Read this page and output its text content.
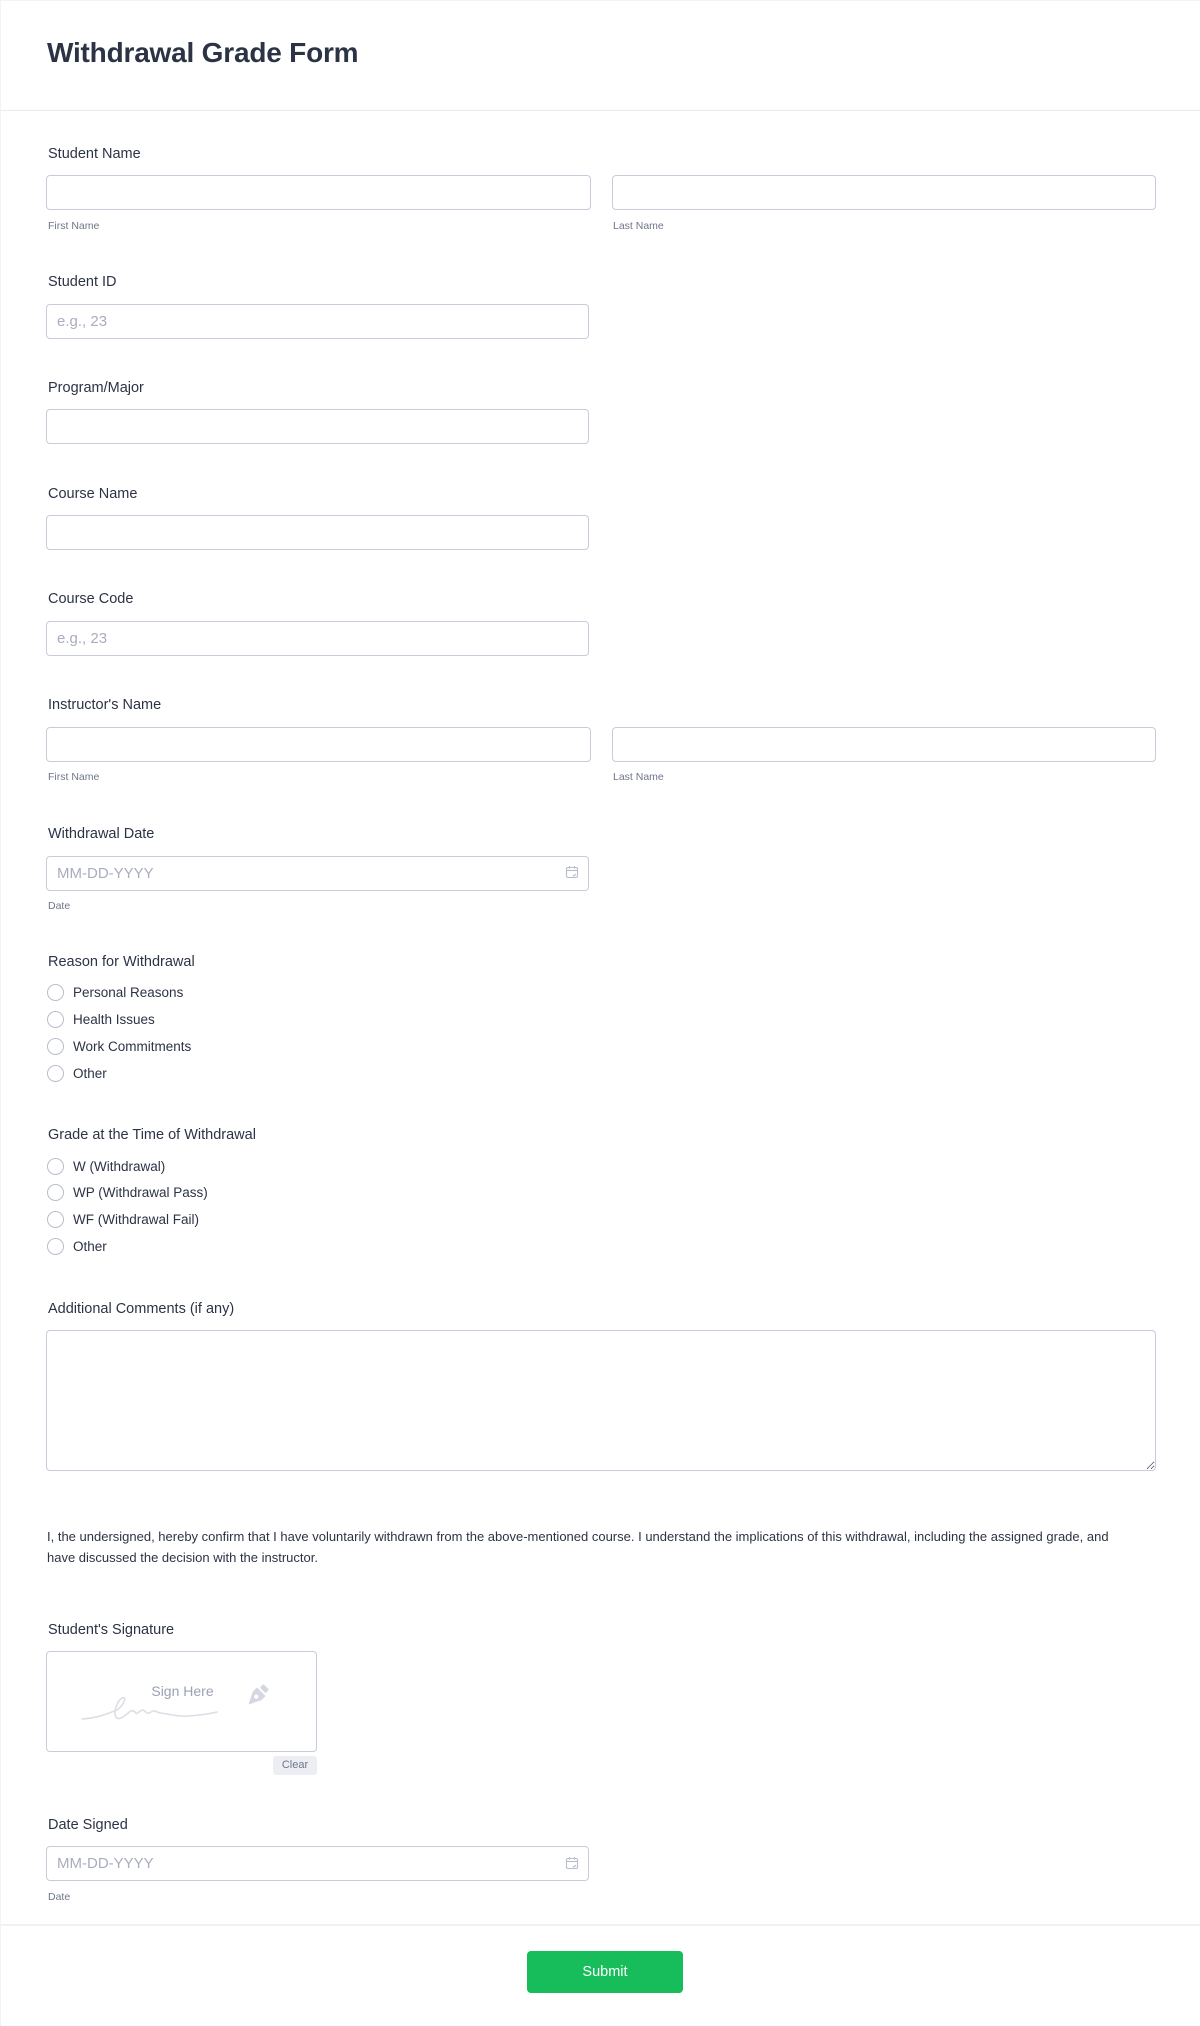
Withdrawal Grade Form
Student Name
First Name	Last Name
Student ID
e.g., 23
Program/Major
Course Name
Course Code
e.g., 23
Instructor's Name
First Name	Last Name
Withdrawal Date
MM-DD-YYYY
Date
Reason for Withdrawal
Personal Reasons
Health Issues
Work Commitments
Other
Grade at the Time of Withdrawal
W (Withdrawal)
WP (Withdrawal Pass)
WF (Withdrawal Fail)
Other
Additional Comments (if any)

I, the undersigned, hereby confirm that I have voluntarily withdrawn from the above-mentioned course. I understand the implications of this withdrawal, including the assigned grade, and have discussed the decision with the instructor.

Student's Signature
Sign Here
Clear
Date Signed
MM-DD-YYYY
Date
Submit
